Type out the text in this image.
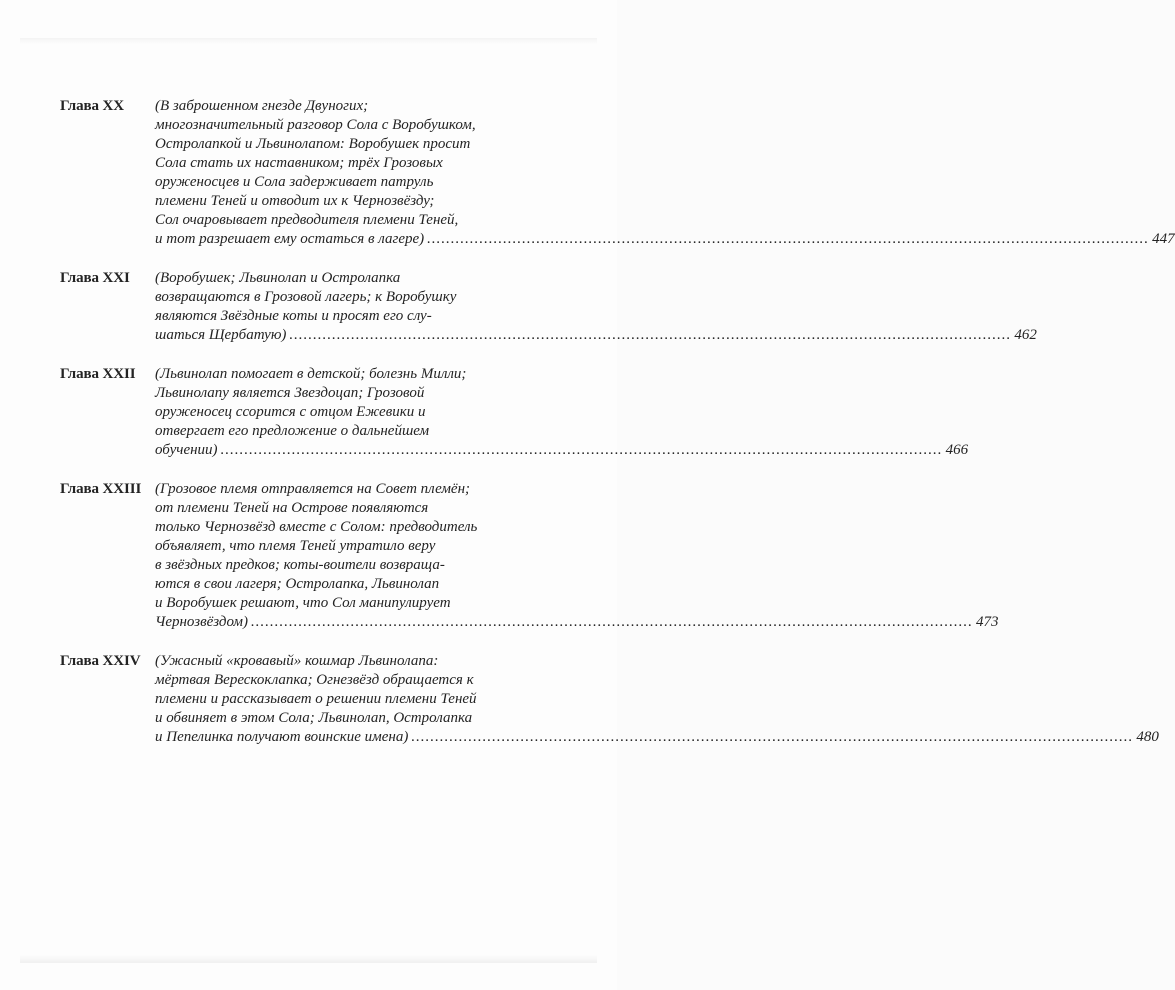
Глава XX	(В заброшенном гнезде Двуногих;
многозначительный разговор Сола с Воробушком,
Остролапкой и Львинолапом: Воробушек просит
Сола стать их наставником; трёх Грозовых
оруженосцев и Сола задерживает патруль
племени Теней и отводит их к Чернозвёзду;
Сол очаровывает предводителя племени Теней,
и тот разрешает ему остаться в лагере) .....	447
Глава XXI	(Воробушек; Львинолап и Остролапка
возвращаются в Грозовой лагерь; к Воробушку
являются Звёздные коты и просят его слу-
шаться Щербатую) .....	462
Глава XXII	(Львинолап помогает в детской; болезнь Милли;
Львинолапу является Звездоцап; Грозовой
оруженосец ссорится с отцом Ежевики и
отвергает его предложение о дальнейшем
обучении) .....	466
Глава XXIII (Грозовое племя отправляется на Совет племён;
от племени Теней на Острове появляются
только Чернозвёзд вместе с Солом: предводитель
объявляет, что племя Теней утратило веру
в звёздных предков; коты-воители возвраща-
ются в свои лагеря; Остролапка, Львинолап
и Воробушек решают, что Сол манипулирует
Чернозвёздом) .....	473
Глава XXIV (Ужасный «кровавый» кошмар Львинолапа:
мёртвая Верескоклапка; Огнезвёзд обращается к
племени и рассказывает о решении племени Теней
и обвиняет в этом Сола; Львинолап, Остролапка
и Пепелинка получают воинские имена) .....	480
